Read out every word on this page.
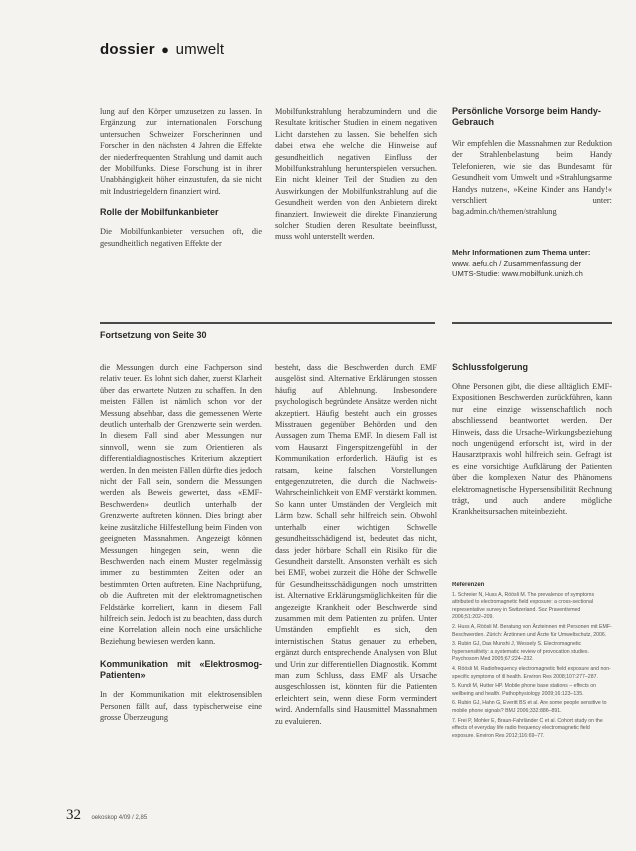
dossier ● umwelt

lung auf den Körper umzusetzen zu lassen. In Ergänzung zur internationalen Forschung untersuchen Schweizer Forscherinnen und Forscher in den nächsten 4 Jahren die Effekte der niederfrequenten Strahlung und damit auch der Mobilfunks. Diese Forschung ist in ihrer Unabhängigkeit höher einzustufen, da sie nicht mit Industriegeldern finanziert wird.

Rolle der Mobilfunkanbieter

Die Mobilfunkanbieter versuchen oft, die gesundheitlich negativen Effekte der

Mobilfunkstrahlung herabzumindern und die Resultate kritischer Studien in einem negativen Licht darstehen zu lassen. Sie behelfen sich dabei etwa ehe welche die Hinweise auf gesundheitlich negativen Einfluss der Mobilfunkstrahlung herunterspielen versuchen. Ein nicht kleiner Teil der Studien zu den Auswirkungen der Mobilfunkstrahlung auf die Gesundheit werden von den Anbietern direkt finanziert. Inwieweit die direkte Finanzierung solcher Studien deren Resultate beeinflusst, muss wohl unterstellt werden.

Persönliche Vorsorge beim Handy-Gebrauch

Wir empfehlen die Massnahmen zur Reduktion der Strahlenbelastung beim Handy Telefonieren, wie sie das Bundesamt für Gesundheit vom Umwelt und »Strahlungsarme Handys nutzen«, »Keine Kinder ans Handy!« verschliert unter: bag.admin.ch/themen/strahlung

Mehr Informationen zum Thema unter:
www. aefu.ch / Zusammenfassung der
UMTS-Studie: www.mobilfunk.unizh.ch
Fortsetzung von Seite 30

die Messungen durch eine Fachperson sind relativ teuer. Es lohnt sich daher, zuerst Klarheit über das erwartete Nutzen zu schaffen. In den meisten Fällen ist nämlich schon vor der Messung absehbar, dass die gemessenen Werte deutlich unterhalb der Grenzwerte sein werden. In diesem Fall sind aber Messungen nur sinnvoll, wenn sie zum Orientieren als differentialdiagnostisches Kriterium akzeptiert werden. In den meisten Fällen dürfte dies jedoch nicht der Fall sein, sondern die Messungen werden als Beweis gewertet, dass «EMF-Beschwerden» deutlich unterhalb der Grenzwerte auftreten können. Dies bringt aber keine zusätzliche Hilfestellung beim Finden von geeigneten Massnahmen. Angezeigt können Messungen hingegen sein, wenn die Beschwerden nach einem Muster regelmässig immer zu bestimmten Zeiten oder an bestimmten Orten auftreten. Eine Nachprüfung, ob die Auftreten mit der elektromagnetischen Feldstärke korreliert, kann in diesem Fall hilfreich sein. Jedoch ist zu beachten, dass durch eine Korrelation allein noch eine ursächliche Beziehung bewiesen werden kann.

Kommunikation mit «Elektrosmog-Patienten»

In der Kommunikation mit elektrosensiblen Personen fällt auf, dass typischerweise eine grosse Überzeugung

besteht, dass die Beschwerden durch EMF ausgelöst sind. Alternative Erklärungen stossen häufig auf Ablehnung. Insbesondere psychologisch begründete Ansätze werden nicht akzeptiert. Häufig besteht auch ein grosses Misstrauen gegenüber Behörden und den Aussagen zum Thema EMF. In diesem Fall ist vom Hausarzt Fingerspitzengefühl in der Kommunikation erforderlich. Häufig ist es ratsam, keine falschen Vorstellungen entgegenzutreten, die durch die Nachweis-Wahrscheinlichkeit von EMF verstärkt kommen. So kann unter Umständen der Vergleich mit Lärm bzw. Schall sehr hilfreich sein. Obwohl unterhalb einer wichtigen Schwelle gesundheitsschädigend ist, bedeutet das nicht, dass jeder hörbare Schall ein Risiko für die Gesundheit darstellt. Ansonsten verhält es sich bei EMF, wobei zurzeit die Höhe der Schwelle für Gesundheitsschädigungen noch umstritten ist. Alternative Erklärungsmöglichkeiten für die angezeigte Krankheit oder Beschwerde sind zusammen mit dem Patienten zu prüfen. Unter Umständen empfiehlt es sich, den internistischen Status genauer zu erheben, ergänzt durch entsprechende Analysen von Blut und Urin zur differentiellen Diagnostik. Kommt man zum Schluss, dass EMF als Ursache ausgeschlossen ist, könnten für die Patienten erleichtert sein, wenn diese Form vermindert wird. Andernfalls sind Hausmittel Massnahmen zu evaluieren.

Schlussfolgerung

Ohne Personen gibt, die diese alltäglich EMF-Expositionen Beschwerden zurückführen, kann nur eine einzige wissenschaftlich noch abschliessend beantwortet werden. Der Hinweis, dass die Ursache-Wirkungsbeziehung noch ungenügend erforscht ist, wird in der Hausarztpraxis wohl hilfreich sein. Gefragt ist es eine vorsichtige Aufklärung der Patienten über die komplexen Natur des Phänomens elektromagnetische Hypersensibilität Rechnung trägt, und auch andere mögliche Krankheitsursachen miteinbezieht.

Referenzen

1. Schreier N, Huss A, Röösli M. The prevalence of symptoms attributed to electromagnetic field exposure: a cross-sectional representative survey in Switzerland. Soz Praventivmed 2006;51:202–209.

2. Huss A, Röösli M. Beratung von Ärzteinnen mit Personen mit EMF-Beschwerden. Zürich: Ärztinnen und Ärzte für Umweltschutz, 2006.

3. Rubin GJ, Das Munshi J, Wessely S. Electromagnetic hypersensitivity: a systematic review of provocation studies. Psychosom Med 2005;67:224–232.

4. Röösli M. Radiofrequency electromagnetic field exposure and non-specific symptoms of ill health. Environ Res 2008;107:277–287.

5. Kundi M, Hutter HP. Mobile phone base stations – effects on wellbeing and health. Pathophysiology 2009;16:123–135.

6. Rubin GJ, Hahn G, Everitt BS et al. Are some people sensitive to mobile phone signals? BMJ 2006;332:886–891.

7. Frei P, Mohler E, Braun-Fahrländer C et al. Cohort study on the effects of everyday life radio frequency electromagnetic field exposure. Environ Res 2012;116:69–77.

32 oekoskop 4/09 / 2,85
